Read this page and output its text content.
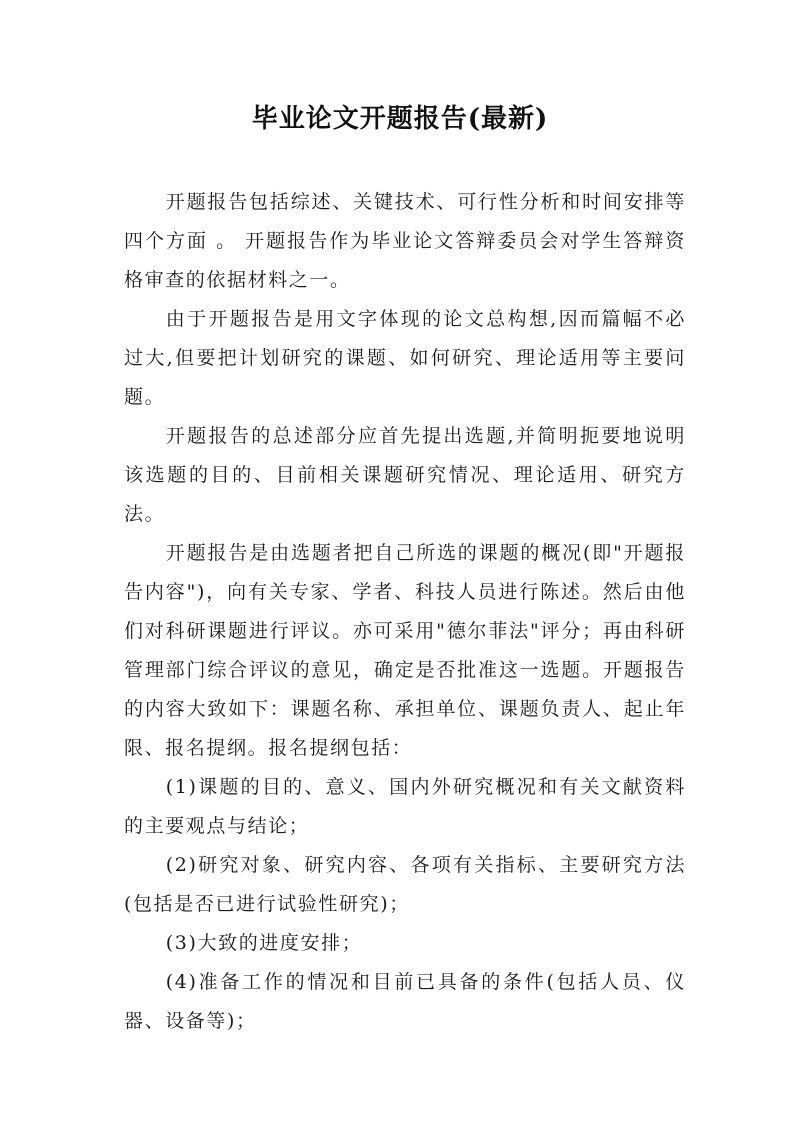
毕业论文开题报告(最新)

开题报告包括综述、关键技术、可行性分析和时间安排等四个方面 。 开题报告作为毕业论文答辩委员会对学生答辩资格审查的依据材料之一。

由于开题报告是用文字体现的论文总构想,因而篇幅不必过大,但要把计划研究的课题、如何研究、理论适用等主要问题。

开题报告的总述部分应首先提出选题,并简明扼要地说明该选题的目的、目前相关课题研究情况、理论适用、研究方法。

开题报告是由选题者把自己所选的课题的概况(即"开题报告内容")，向有关专家、学者、科技人员进行陈述。然后由他们对科研课题进行评议。亦可采用"德尔菲法"评分；再由科研管理部门综合评议的意见，确定是否批准这一选题。开题报告的内容大致如下：课题名称、承担单位、课题负责人、起止年限、报名提纲。报名提纲包括：

(1)课题的目的、意义、国内外研究概况和有关文献资料的主要观点与结论；

(2)研究对象、研究内容、各项有关指标、主要研究方法(包括是否已进行试验性研究)；

(3)大致的进度安排；

(4)准备工作的情况和目前已具备的条件(包括人员、仪器、设备等)；
